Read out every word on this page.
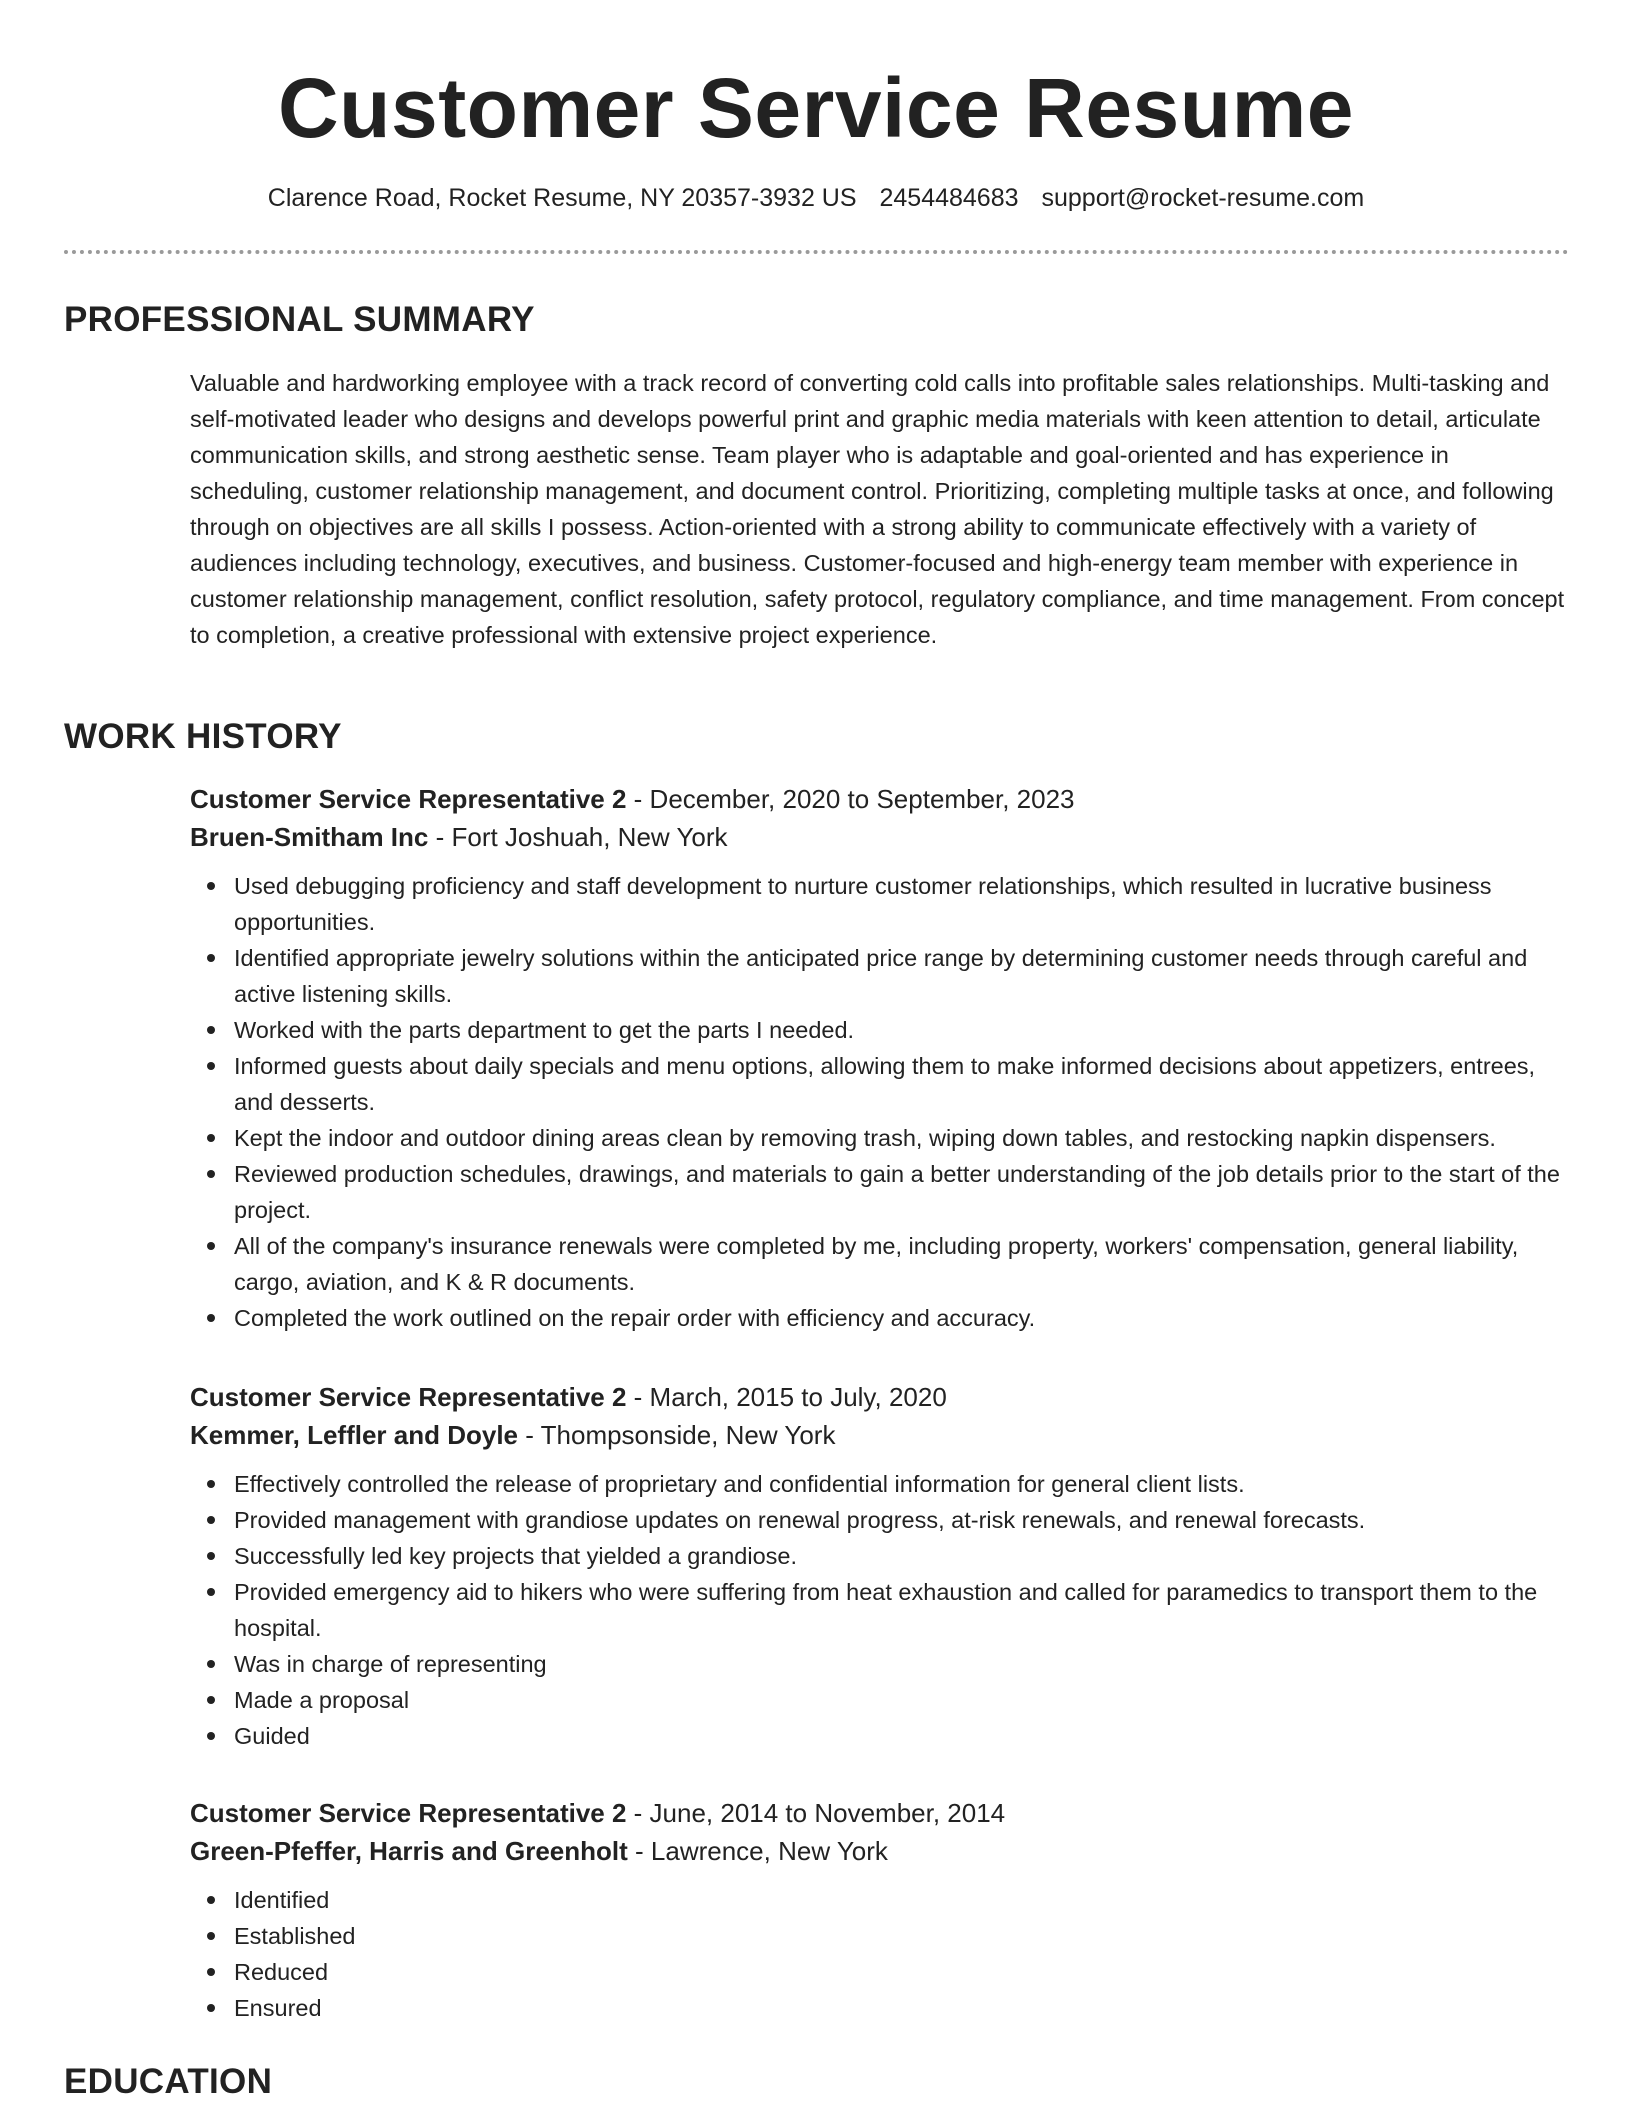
Customer Service Resume
Clarence Road, Rocket Resume, NY 20357-3932 US 2454484683 support@rocket-resume.com
PROFESSIONAL SUMMARY

Valuable and hardworking employee with a track record of converting cold calls into profitable sales relationships. Multi-tasking and self-motivated leader who designs and develops powerful print and graphic media materials with keen attention to detail, articulate communication skills, and strong aesthetic sense. Team player who is adaptable and goal-oriented and has experience in scheduling, customer relationship management, and document control. Prioritizing, completing multiple tasks at once, and following through on objectives are all skills I possess. Action-oriented with a strong ability to communicate effectively with a variety of audiences including technology, executives, and business. Customer-focused and high-energy team member with experience in customer relationship management, conflict resolution, safety protocol, regulatory compliance, and time management. From concept to completion, a creative professional with extensive project experience.

WORK HISTORY
Customer Service Representative 2 - December, 2020 to September, 2023
Bruen-Smitham Inc - Fort Joshuah, New York
Used debugging proficiency and staff development to nurture customer relationships, which resulted in lucrative business opportunities.
Identified appropriate jewelry solutions within the anticipated price range by determining customer needs through careful and active listening skills.
Worked with the parts department to get the parts I needed.
Informed guests about daily specials and menu options, allowing them to make informed decisions about appetizers, entrees, and desserts.
Kept the indoor and outdoor dining areas clean by removing trash, wiping down tables, and restocking napkin dispensers.
Reviewed production schedules, drawings, and materials to gain a better understanding of the job details prior to the start of the project.
All of the company's insurance renewals were completed by me, including property, workers' compensation, general liability, cargo, aviation, and K & R documents.
Completed the work outlined on the repair order with efficiency and accuracy.
Customer Service Representative 2 - March, 2015 to July, 2020
Kemmer, Leffler and Doyle - Thompsonside, New York
Effectively controlled the release of proprietary and confidential information for general client lists.
Provided management with grandiose updates on renewal progress, at-risk renewals, and renewal forecasts.
Successfully led key projects that yielded a grandiose.
Provided emergency aid to hikers who were suffering from heat exhaustion and called for paramedics to transport them to the hospital.
Was in charge of representing
Made a proposal
Guided
Customer Service Representative 2 - June, 2014 to November, 2014
Green-Pfeffer, Harris and Greenholt - Lawrence, New York
Identified
Established
Reduced
Ensured
EDUCATION
